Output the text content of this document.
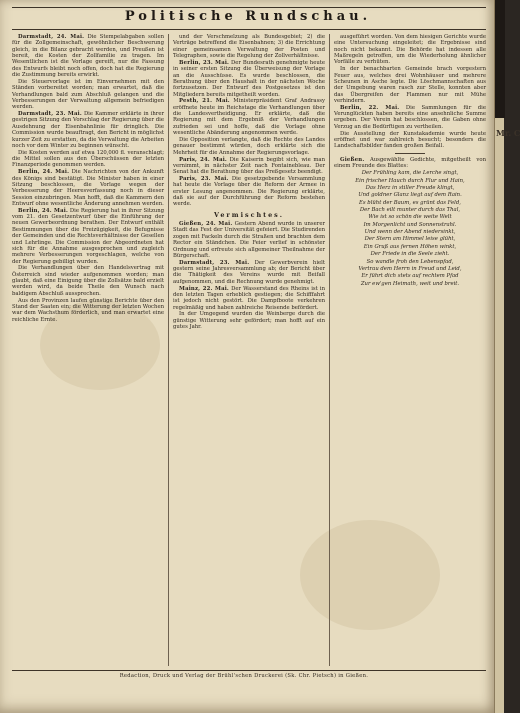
Politische Rundschau.

Darmstadt, 24. Mai. Die Stempelabgaben sollen für die Zollgemeinschaft, gewöhnlicher Beschwerung gleich, in die Bilanz gebracht werden, und Preußen ist bereit, die Kosten der Zollfamilie zu tragen. Im Wesentlichen ist die Vorlage gereift, nur die Fassung des Entwurfs bleibt noch offen, doch hat die Regierung die Zustimmung bereits erwirkt.

Die Steuervorlage ist im Einvernehmen mit den Ständen vorbereitet worden; man erwartet, daß die Verhandlungen bald zum Abschluß gelangen und die Verbesserungen der Verwaltung allgemein befriedigen werden.

Darmstadt, 23. Mai. Die Kammer erklärte in ihrer gestrigen Sitzung den Vorschlag der Regierung über die Ausdehnung der Eisenbahnlinie für dringlich. Die Commission wurde beauftragt, den Bericht in möglichst kurzer Zeit zu erstatten, da die Verwaltung die Arbeiten noch vor dem Winter zu beginnen wünscht.

Die Kosten werden auf etwa 120,000 fl. veranschlagt; die Mittel sollen aus den Überschüssen der letzten Finanzperiode genommen werden.

Berlin, 24. Mai. Die Nachrichten von der Ankunft des Königs sind bestätigt. Die Minister haben in einer Sitzung beschlossen, die Vorlage wegen der Verbesserung der Heeresverfassung noch in dieser Session einzubringen. Man hofft, daß die Kammern den Entwurf ohne wesentliche Änderung annehmen werden.

Berlin, 24. Mai. Die Regierung hat in ihrer Sitzung vom 21. den Gesetzentwurf über die Einführung der neuen Gewerbeordnung berathen. Der Entwurf enthält Bestimmungen über die Freizügigkeit, die Befugnisse der Gemeinden und die Rechtsverhältnisse der Gesellen und Lehrlinge. Die Commission der Abgeordneten hat sich für die Annahme ausgesprochen und zugleich mehrere Verbesserungen vorgeschlagen, welche von der Regierung gebilligt wurden.

Die Verhandlungen über den Handelsvertrag mit Österreich sind wieder aufgenommen worden; man glaubt, daß eine Einigung über die Zollsätze bald erzielt werden wird, da beide Theile den Wunsch nach baldigem Abschluß aussprechen.

Aus den Provinzen laufen günstige Berichte über den Stand der Saaten ein; die Witterung der letzten Wochen war dem Wachsthum förderlich, und man erwartet eine reichliche Ernte.

und der Verschmelzung als Bundesgebiet; 2) die Verträge betreffend die Eisenbahnen; 3) die Errichtung einer gemeinsamen Verwaltung der Posten und Telegraphen, sowie die Regelung der Zollverhältnisse.

Berlin, 23. Mai. Der Bundesrath genehmigte heute in seiner ersten Sitzung die Überweisung der Vorlage an die Ausschüsse. Es wurde beschlossen, die Berathung über den Haushalt in der nächsten Woche fortzusetzen. Der Entwurf des Postgesetzes ist den Mitgliedern bereits mitgetheilt worden.

Pesth, 21. Mai. Ministerpräsident Graf Andrassy eröffnete heute im Reichstage die Verhandlungen über die Landesvertheidigung. Er erklärte, daß die Regierung mit dem Ergebniß der Verhandlungen zufrieden sei und hoffe, daß die Vorlage ohne wesentliche Abänderung angenommen werde.

Die Opposition verlangte, daß die Rechte des Landes genauer bestimmt würden, doch erklärte sich die Mehrheit für die Annahme der Regierungsvorlage.

Paris, 24. Mai. Die Kaiserin begibt sich, wie man vernimmt, in nächster Zeit nach Fontainebleau. Der Senat hat die Berathung über das Preßgesetz beendigt.

Paris, 23. Mai. Die gesetzgebende Versammlung hat heute die Vorlage über die Reform der Armee in erster Lesung angenommen. Die Regierung erklärte, daß sie auf der Durchführung der Reform bestehen werde.

Vermischtes.

Gießen, 24. Mai. Gestern Abend wurde in unserer Stadt das Fest der Universität gefeiert. Die Studirenden zogen mit Fackeln durch die Straßen und brachten dem Rector ein Ständchen. Die Feier verlief in schönster Ordnung und erfreute sich allgemeiner Theilnahme der Bürgerschaft.

Darmstadt, 23. Mai. Der Gewerbverein hielt gestern seine Jahresversammlung ab; der Bericht über die Thätigkeit des Vereins wurde mit Beifall aufgenommen, und die Rechnung wurde genehmigt.

Mainz, 22. Mai. Der Wasserstand des Rheins ist in den letzten Tagen erheblich gestiegen; die Schifffahrt ist jedoch nicht gestört. Die Dampfboote verkehren regelmäßig und haben zahlreiche Reisende befördert.

In der Umgegend wurden die Weinberge durch die günstige Witterung sehr gefördert; man hofft auf ein gutes Jahr.

ausgeführt worden. Von dem hiesigen Gerichte wurde eine Untersuchung eingeleitet; die Ergebnisse sind noch nicht bekannt. Die Behörde hat indessen alle Maßregeln getroffen, um die Wiederholung ähnlicher Vorfälle zu verhüten.

In der benachbarten Gemeinde brach vorgestern Feuer aus, welches drei Wohnhäuser und mehrere Scheunen in Asche legte. Die Löschmannschaften aus der Umgebung waren rasch zur Stelle, konnten aber das Übergreifen der Flammen nur mit Mühe verhindern.

Berlin, 22. Mai. Die Sammlungen für die Verunglückten haben bereits eine ansehnliche Summe ergeben. Der Verein hat beschlossen, die Gaben ohne Verzug an die Bedürftigen zu vertheilen.

Die Ausstellung der Kunstakademie wurde heute eröffnet und war zahlreich besucht; besonders die Landschaftsbilder fanden großen Beifall.

Gießen. Ausgewählte Gedichte, mitgetheilt von einem Freunde des Blattes:

Der Frühling kam, die Lerche singt,
Ein frischer Hauch durch Flur und Hain,
Das Herz in stiller Freude klingt,
Und goldner Glanz liegt auf dem Rain.
Es blüht der Baum, es grünt das Feld,
Der Bach eilt munter durch das Thal,
Wie ist so schön die weite Welt
Im Morgenlicht und Sonnenstrahl.
Und wenn der Abend niedersinkt,
Der Stern am Himmel leise glüht,
Ein Gruß aus fernen Höhen winkt,
Der Friede in die Seele zieht.
So wandle froh den Lebenspfad,
Vertrau dem Herrn in Freud und Leid,
Er führt dich stets auf rechtem Pfad
Zur ew'gen Heimath, weit und breit.
Redaction, Druck und Verlag der Brühl'schen Druckerei (Sk. Chr. Pietsch) in Gießen.
Mr. C
